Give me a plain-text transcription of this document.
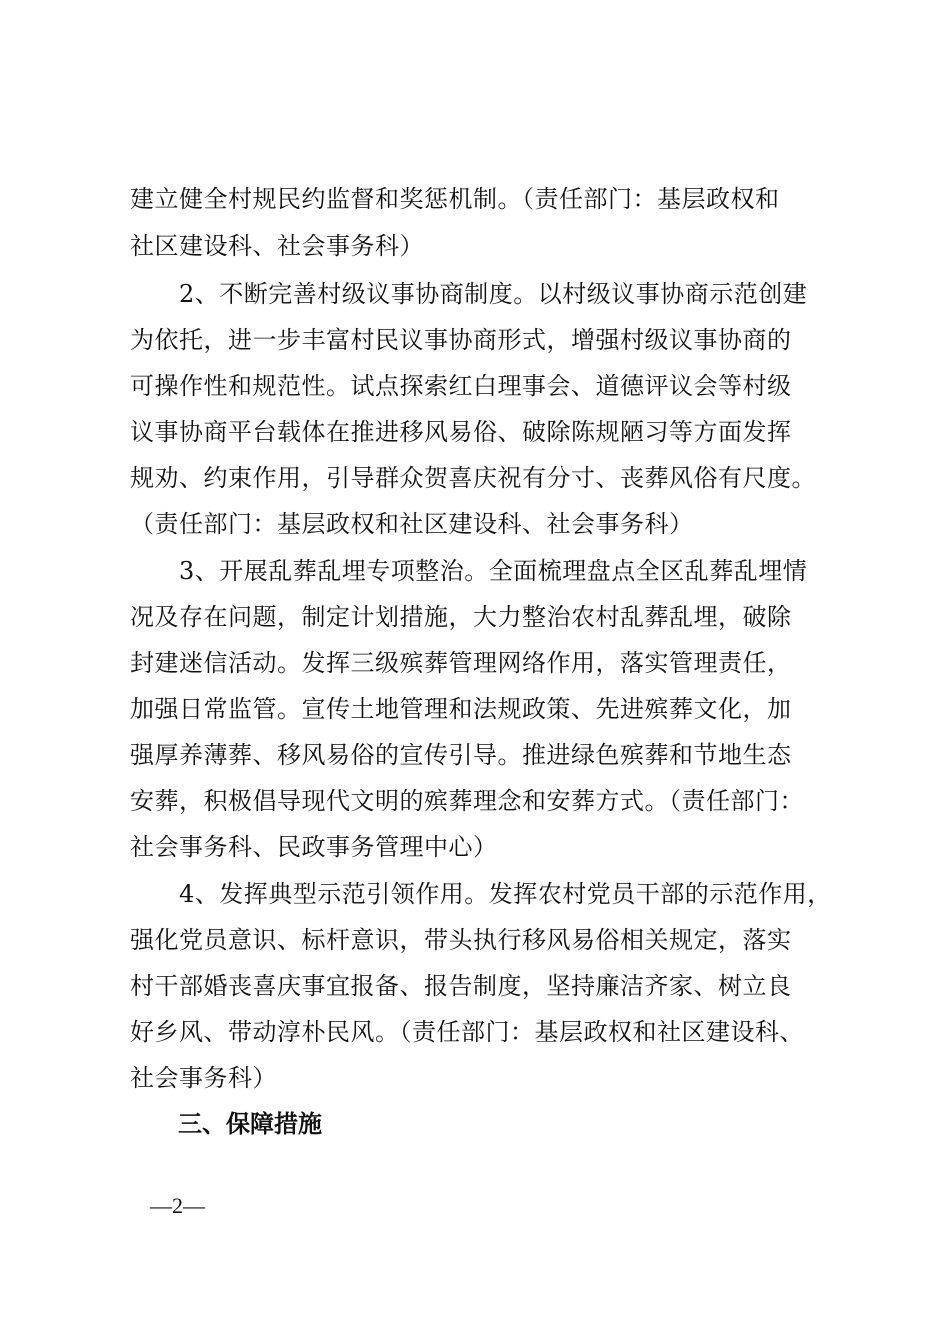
建立健全村规民约监督和奖惩机制。（责任部门：基层政权和
社区建设科、社会事务科）
　　2、不断完善村级议事协商制度。以村级议事协商示范创建
为依托，进一步丰富村民议事协商形式，增强村级议事协商的
可操作性和规范性。试点探索红白理事会、道德评议会等村级
议事协商平台载体在推进移风易俗、破除陈规陋习等方面发挥
规劝、约束作用，引导群众贺喜庆祝有分寸、丧葬风俗有尺度。
（责任部门：基层政权和社区建设科、社会事务科）
　　3、开展乱葬乱埋专项整治。全面梳理盘点全区乱葬乱埋情
况及存在问题，制定计划措施，大力整治农村乱葬乱埋，破除
封建迷信活动。发挥三级殡葬管理网络作用，落实管理责任，
加强日常监管。宣传土地管理和法规政策、先进殡葬文化，加
强厚养薄葬、移风易俗的宣传引导。推进绿色殡葬和节地生态
安葬，积极倡导现代文明的殡葬理念和安葬方式。（责任部门：
社会事务科、民政事务管理中心）
　　4、发挥典型示范引领作用。发挥农村党员干部的示范作用，
强化党员意识、标杆意识，带头执行移风易俗相关规定，落实
村干部婚丧喜庆事宜报备、报告制度，坚持廉洁齐家、树立良
好乡风、带动淳朴民风。（责任部门：基层政权和社区建设科、
社会事务科）
三、保障措施
—2—
